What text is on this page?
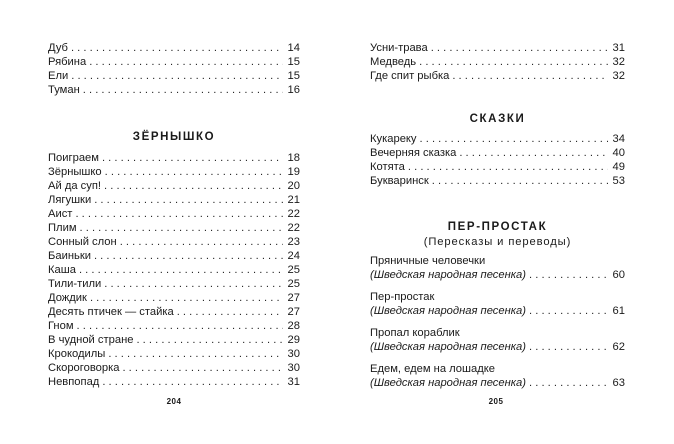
Дуб . . .	14
Рябина . . .	15
Ели . . .	15
Туман . . .	16
ЗЁРНЫШКО
Поиграем . . .	18
Зёрнышко . . .	19
Ай да суп! . . .	20
Лягушки . . .	21
Аист . . .	22
Плим . . .	22
Сонный слон . . .	23
Баиньки . . .	24
Каша . . .	25
Тили-тили . . .	25
Дождик . . .	27
Десять птичек — стайка . . .	27
Гном . . .	28
В чудной стране . . .	29
Крокодилы . . .	30
Скороговорка . . .	30
Невпопад . . .	31
204
Усни-трава . . .	31
Медведь . . .	32
Где спит рыбка . . .	32
СКАЗКИ
Кукареку . . .	34
Вечерняя сказка . . .	40
Котята . . .	49
Букваринск . . .	53
ПЕР-ПРОСТАК
(Пересказы и переводы)
Пряничные человечки
(Шведская народная песенка) . . .	60
Пер-простак
(Шведская народная песенка) . . .	61
Пропал кораблик
(Шведская народная песенка) . . .	62
Едем, едем на лошадке
(Шведская народная песенка) . . .	63
205
